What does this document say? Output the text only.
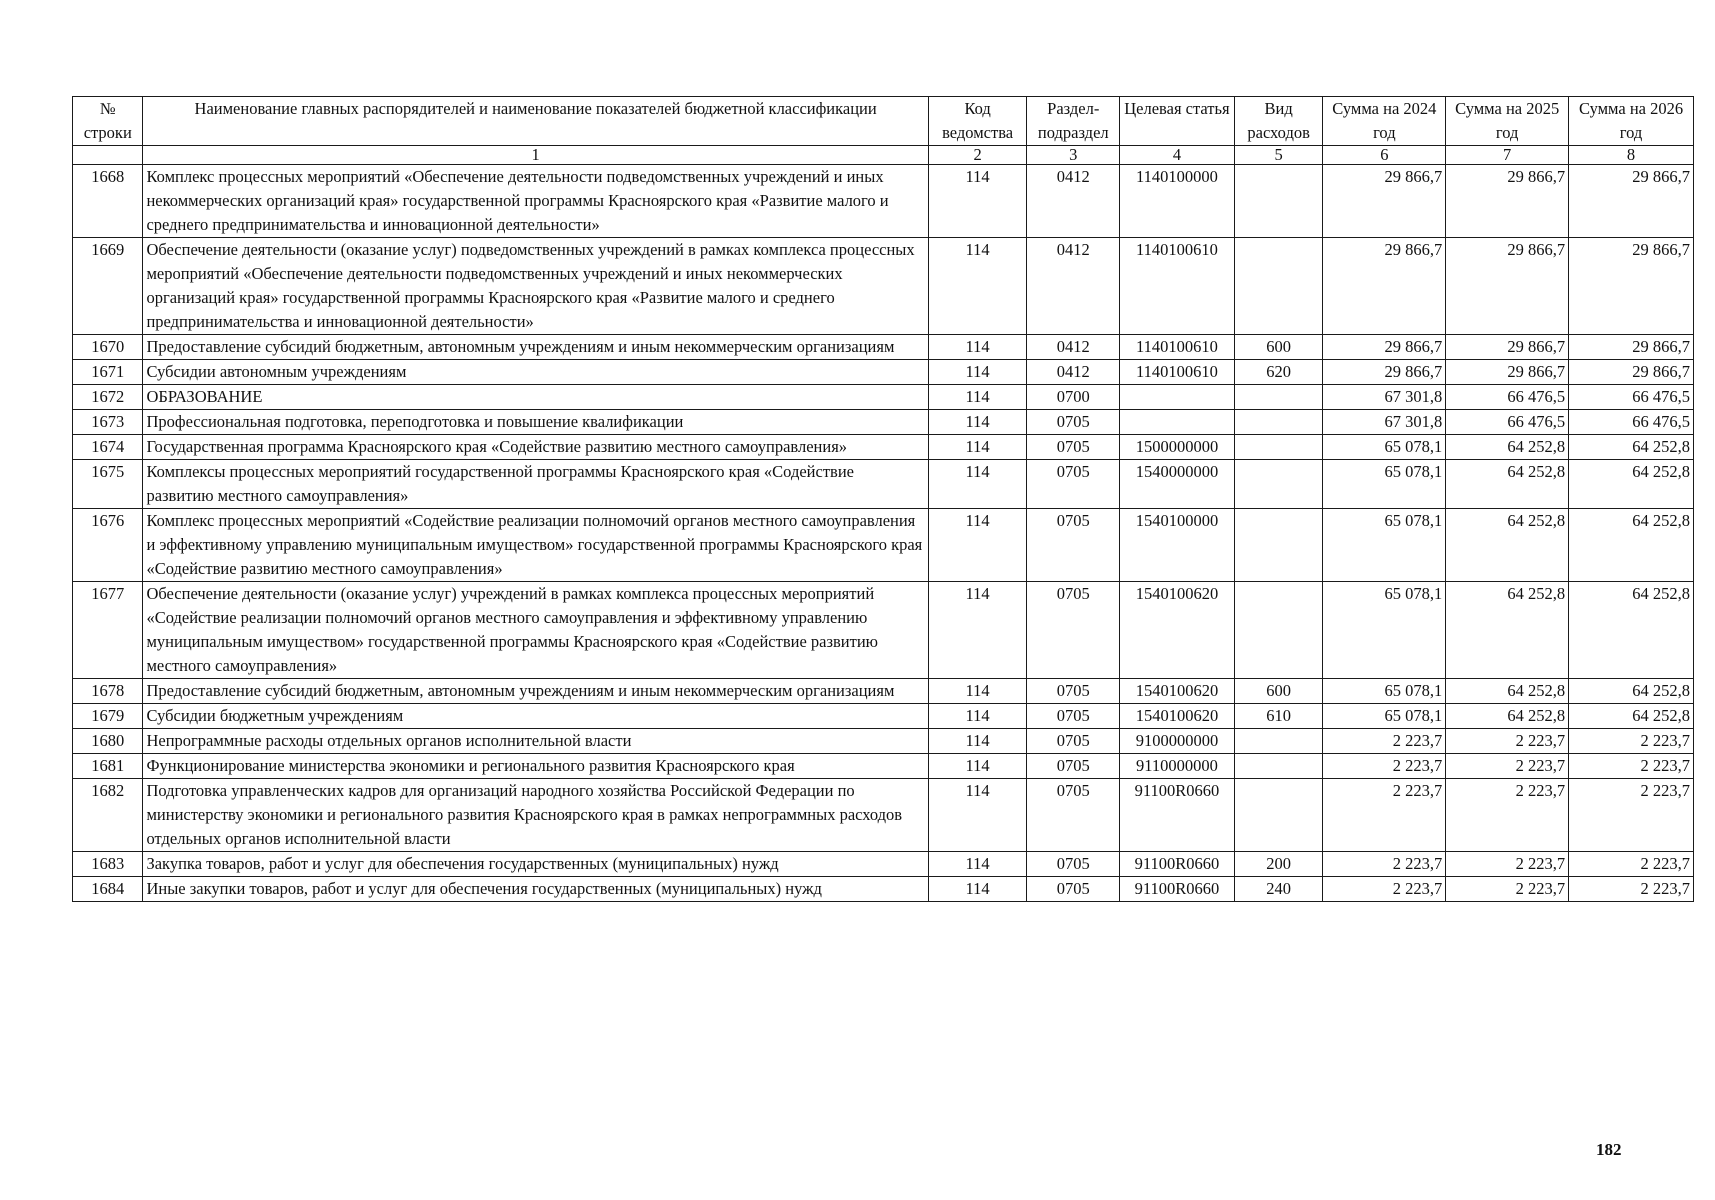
№ строки	Наименование главных распорядителей и наименование показателей бюджетной классификации	Код ведомства	Раздел-подраздел	Целевая статья	Вид расходов	Сумма на 2024 год	Сумма на 2025 год	Сумма на 2026 год
	1	2	3	4	5	6	7	8
1668	Комплекс процессных мероприятий «Обеспечение деятельности подведомственных учреждений и иных некоммерческих организаций края» государственной программы Красноярского края «Развитие малого и среднего предпринимательства и инновационной деятельности»	114	0412	1140100000		29 866,7	29 866,7	29 866,7
1669	Обеспечение деятельности (оказание услуг) подведомственных учреждений в рамках комплекса процессных мероприятий «Обеспечение деятельности подведомственных учреждений и иных некоммерческих организаций края» государственной программы Красноярского края «Развитие малого и среднего предпринимательства и инновационной деятельности»	114	0412	1140100610		29 866,7	29 866,7	29 866,7
1670	Предоставление субсидий бюджетным, автономным учреждениям и иным некоммерческим организациям	114	0412	1140100610	600	29 866,7	29 866,7	29 866,7
1671	Субсидии автономным учреждениям	114	0412	1140100610	620	29 866,7	29 866,7	29 866,7
1672	ОБРАЗОВАНИЕ	114	0700			67 301,8	66 476,5	66 476,5
1673	Профессиональная подготовка, переподготовка и повышение квалификации	114	0705			67 301,8	66 476,5	66 476,5
1674	Государственная программа Красноярского края «Содействие развитию местного самоуправления»	114	0705	1500000000		65 078,1	64 252,8	64 252,8
1675	Комплексы процессных мероприятий государственной программы Красноярского края «Содействие развитию местного самоуправления»	114	0705	1540000000		65 078,1	64 252,8	64 252,8
1676	Комплекс процессных мероприятий «Содействие реализации полномочий органов местного самоуправления и эффективному управлению муниципальным имуществом» государственной программы Красноярского края «Содействие развитию местного самоуправления»	114	0705	1540100000		65 078,1	64 252,8	64 252,8
1677	Обеспечение деятельности (оказание услуг) учреждений в рамках комплекса процессных мероприятий «Содействие реализации полномочий органов местного самоуправления и эффективному управлению муниципальным имуществом» государственной программы Красноярского края «Содействие развитию местного самоуправления»	114	0705	1540100620		65 078,1	64 252,8	64 252,8
1678	Предоставление субсидий бюджетным, автономным учреждениям и иным некоммерческим организациям	114	0705	1540100620	600	65 078,1	64 252,8	64 252,8
1679	Субсидии бюджетным учреждениям	114	0705	1540100620	610	65 078,1	64 252,8	64 252,8
1680	Непрограммные расходы отдельных органов исполнительной власти	114	0705	9100000000		2 223,7	2 223,7	2 223,7
1681	Функционирование министерства экономики и регионального развития Красноярского края	114	0705	9110000000		2 223,7	2 223,7	2 223,7
1682	Подготовка управленческих кадров для организаций народного хозяйства Российской Федерации по министерству экономики и регионального развития Красноярского края в рамках непрограммных расходов отдельных органов исполнительной власти	114	0705	91100R0660		2 223,7	2 223,7	2 223,7
1683	Закупка товаров, работ и услуг для обеспечения государственных (муниципальных) нужд	114	0705	91100R0660	200	2 223,7	2 223,7	2 223,7
1684	Иные закупки товаров, работ и услуг для обеспечения государственных (муниципальных) нужд	114	0705	91100R0660	240	2 223,7	2 223,7	2 223,7
182
